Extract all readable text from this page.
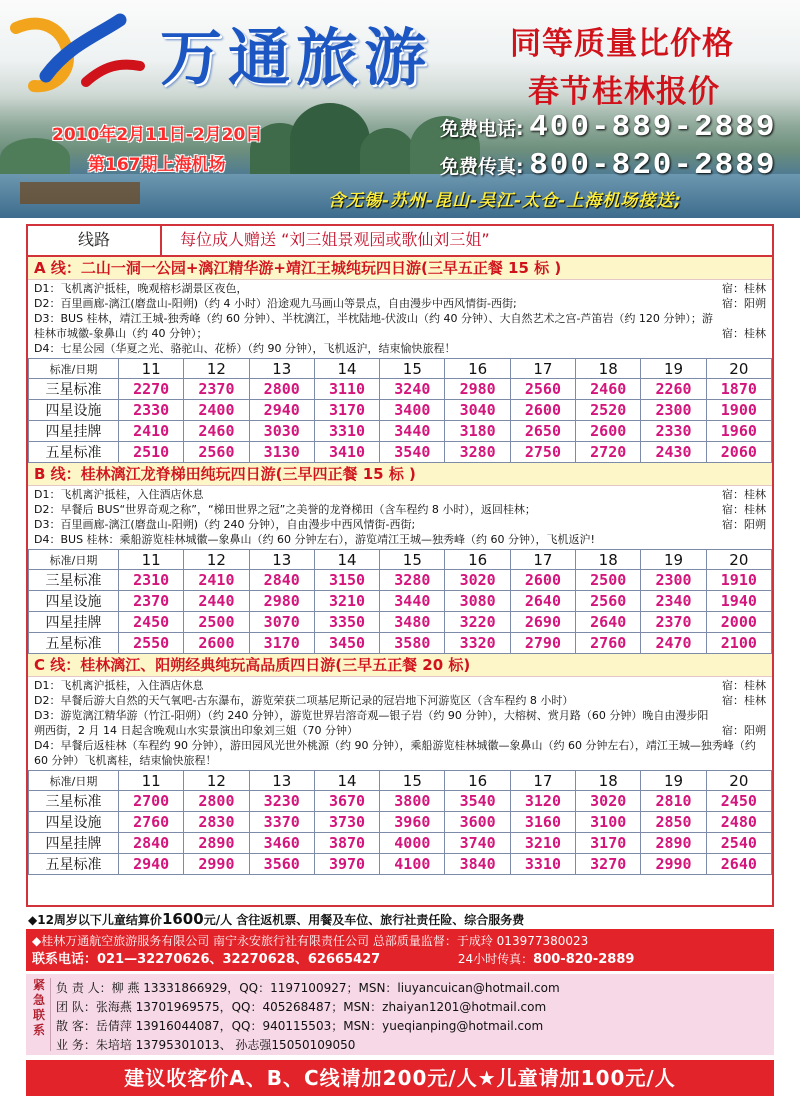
万通旅游	同等质量比价格
春节桂林报价
2010年2月11日-2月20日
第167期上海机场
免费电话: 400-889-2889
免费传真: 800-820-2889
含无锡-苏州-昆山-吴江-太仓-上海机场接送;
线路	每位成人赠送 “刘三姐景观园或歌仙刘三姐”
A 线：二山一洞一公园+漓江精华游+靖江王城纯玩四日游(三早五正餐 15 标 )
D1：飞机离沪抵桂，晚观榕杉湖景区夜色，	宿：桂林
D2：百里画廊-漓江(磨盘山-阳朔)（约 4 小时）沿途观九马画山等景点，自由漫步中西风情街-西街;	宿：阳朔
D3：BUS 桂林，靖江王城-独秀峰（约 60 分钟）、半枕漓江，半枕陆地-伏波山（约 40 分钟）、大自然艺术之宫-芦笛岩（约 120 分钟）；游桂林市城徽-象鼻山（约 40 分钟）；	宿：桂林
D4：七星公园（华夏之光、骆驼山、花桥）（约 90 分钟），飞机返沪，结束愉快旅程！
标准/日期	11	12	13	14	15	16	17	18	19	20
三星标准	2270	2370	2800	3110	3240	2980	2560	2460	2260	1870
四星设施	2330	2400	2940	3170	3400	3040	2600	2520	2300	1900
四星挂牌	2410	2460	3030	3310	3440	3180	2650	2600	2330	1960
五星标准	2510	2560	3130	3410	3540	3280	2750	2720	2430	2060
B 线：桂林漓江龙脊梯田纯玩四日游(三早四正餐 15 标 )
D1：飞机离沪抵桂，入住酒店休息	宿：桂林
D2：早餐后 BUS“世界奇观之称”，“梯田世界之冠”之美誉的龙脊梯田（含车程约 8 小时），返回桂林；	宿：桂林
D3：百里画廊-漓江(磨盘山-阳朔)（约 240 分钟），自由漫步中西风情街-西街;	宿：阳朔
D4：BUS 桂林：乘船游览桂林城徽—象鼻山（约 60 分钟左右），游览靖江王城—独秀峰（约 60 分钟），飞机返沪!
标准/日期	11	12	13	14	15	16	17	18	19	20
三星标准	2310	2410	2840	3150	3280	3020	2600	2500	2300	1910
四星设施	2370	2440	2980	3210	3440	3080	2640	2560	2340	1940
四星挂牌	2450	2500	3070	3350	3480	3220	2690	2640	2370	2000
五星标准	2550	2600	3170	3450	3580	3320	2790	2760	2470	2100
C 线：桂林漓江、阳朔经典纯玩高品质四日游(三早五正餐 20 标)
D1：飞机离沪抵桂，入住酒店休息	宿：桂林
D2：早餐后游大自然的天气氧吧-古东瀑布，游览荣获二项基尼斯记录的冠岩地下河游览区（含车程约 8 小时）	宿：桂林
D3：游览漓江精华游（竹江-阳朔）（约 240 分钟），游览世界岩溶奇观—银子岩（约 90 分钟），大榕树、赏月路（60 分钟）晚自由漫步阳朔西街，2 月 14 日起含晚观山水实景演出印象刘三姐（70 分钟）	宿：阳朔
D4：早餐后返桂林（车程约 90 分钟），游田园风光世外桃源（约 90 分钟），乘船游览桂林城徽—象鼻山（约 60 分钟左右），靖江王城—独秀峰（约 60 分钟）飞机离桂，结束愉快旅程！
标准/日期	11	12	13	14	15	16	17	18	19	20
三星标准	2700	2800	3230	3670	3800	3540	3120	3020	2810	2450
四星设施	2760	2830	3370	3730	3960	3600	3160	3100	2850	2480
四星挂牌	2840	2890	3460	3870	4000	3740	3210	3170	2890	2540
五星标准	2940	2990	3560	3970	4100	3840	3310	3270	2990	2640
◆12周岁以下儿童结算价1600元/人 含往返机票、用餐及车位、旅行社责任险、综合服务费
◆桂林万通航空旅游服务有限公司 南宁永安旅行社有限责任公司 总部质量监督：于成玲 013977380023
联系电话：021—32270626、32270628、62665427	24小时传真：800-820-2889
紧急联系
负 责 人：柳 燕 13331866929，QQ：1197100927；MSN：liuyancuican@hotmail.com
团 队：张海燕 13701969575，QQ：405268487；MSN：zhaiyan1201@hotmail.com
散 客：岳倩萍 13916044087，QQ：940115503；MSN：yueqianping@hotmail.com
业 务：朱培培 13795301013、 孙志强15050109050
建议收客价A、B、C线请加200元/人★儿童请加100元/人
